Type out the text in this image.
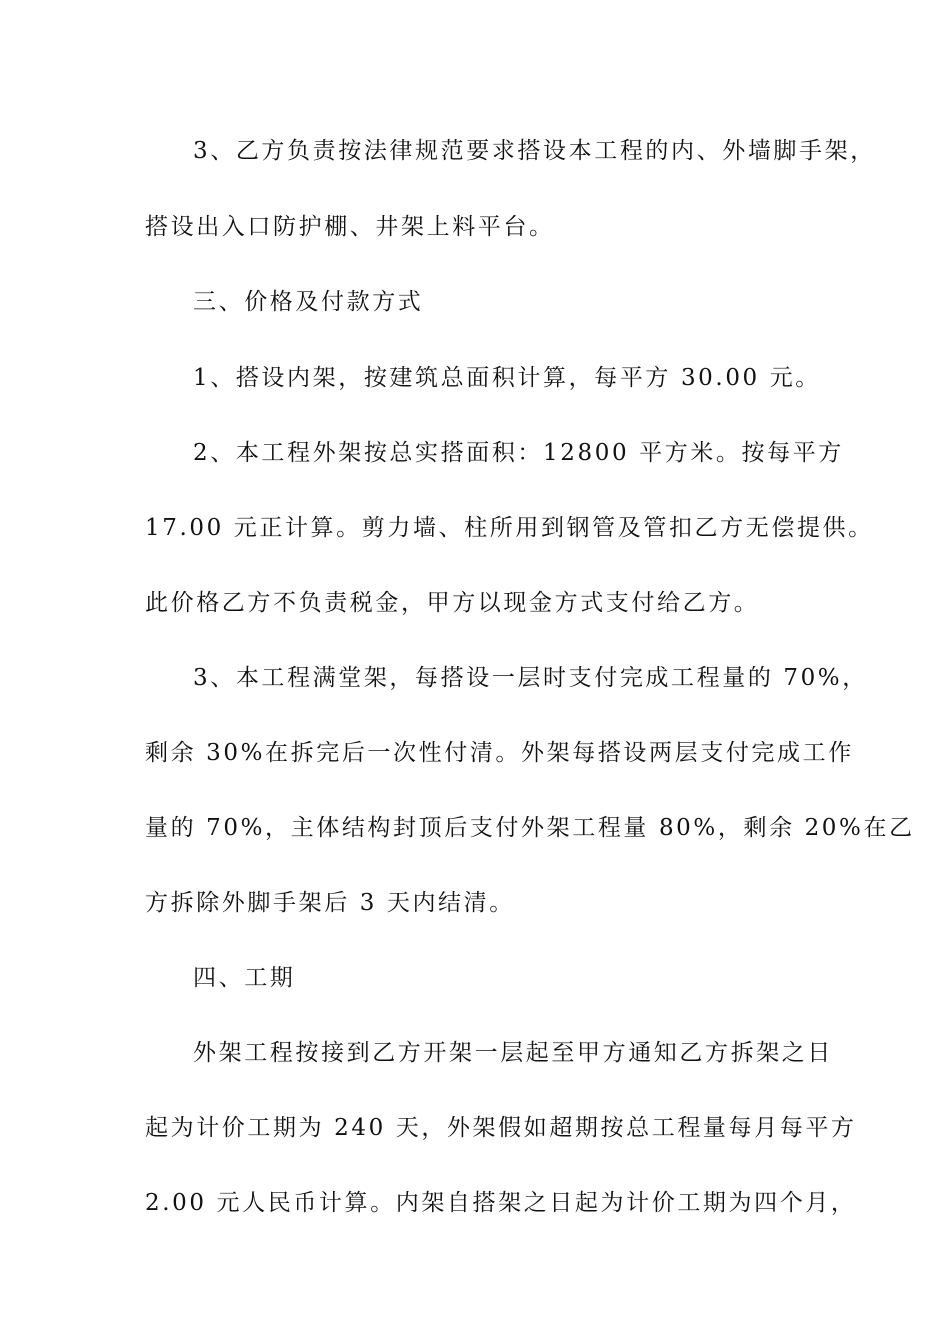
3、乙方负责按法律规范要求搭设本工程的内、外墙脚手架，
搭设出入口防护棚、井架上料平台。
三、价格及付款方式
1、搭设内架，按建筑总面积计算，每平方 30.00 元。
2、本工程外架按总实搭面积：12800 平方米。按每平方
17.00 元正计算。剪力墙、柱所用到钢管及管扣乙方无偿提供。
此价格乙方不负责税金，甲方以现金方式支付给乙方。
3、本工程满堂架，每搭设一层时支付完成工程量的 70%，
剩余 30%在拆完后一次性付清。外架每搭设两层支付完成工作
量的 70%，主体结构封顶后支付外架工程量 80%，剩余 20%在乙
方拆除外脚手架后 3 天内结清。
四、工期
外架工程按接到乙方开架一层起至甲方通知乙方拆架之日
起为计价工期为 240 天，外架假如超期按总工程量每月每平方
2.00 元人民币计算。内架自搭架之日起为计价工期为四个月，
